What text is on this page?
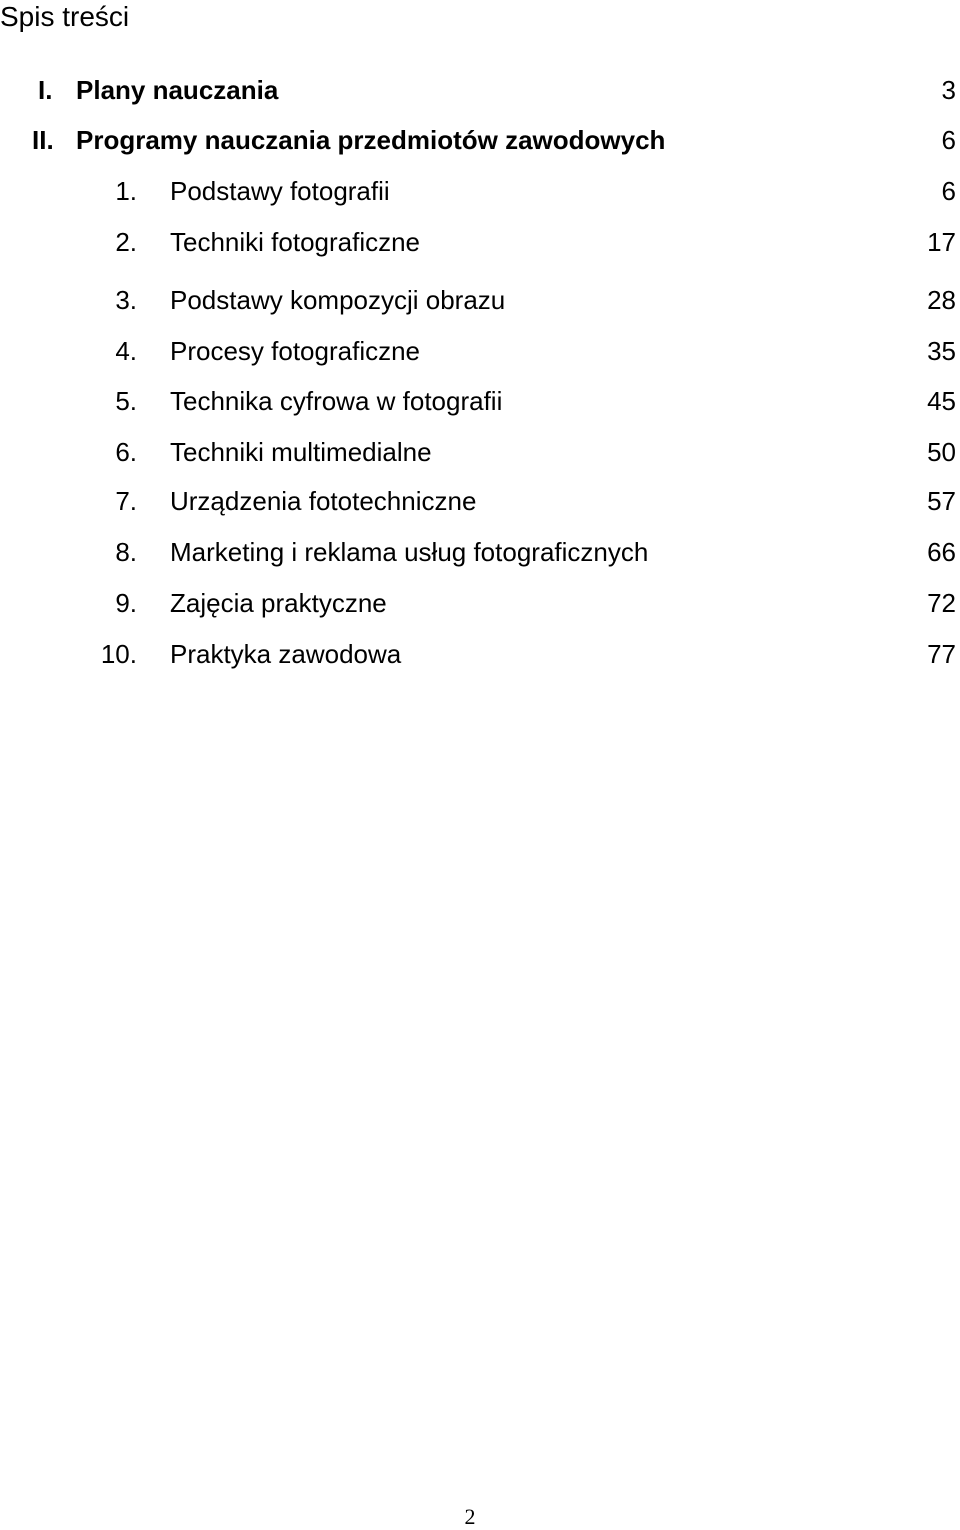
Spis treści
I. Plany nauczania	3
II. Programy nauczania przedmiotów zawodowych	6
1. Podstawy fotografii	6
2. Techniki fotograficzne	17
3. Podstawy kompozycji obrazu	28
4. Procesy fotograficzne	35
5. Technika cyfrowa w fotografii	45
6. Techniki multimedialne	50
7. Urządzenia fototechniczne	57
8. Marketing i reklama usług fotograficznych	66
9. Zajęcia praktyczne	72
10. Praktyka zawodowa	77
2
